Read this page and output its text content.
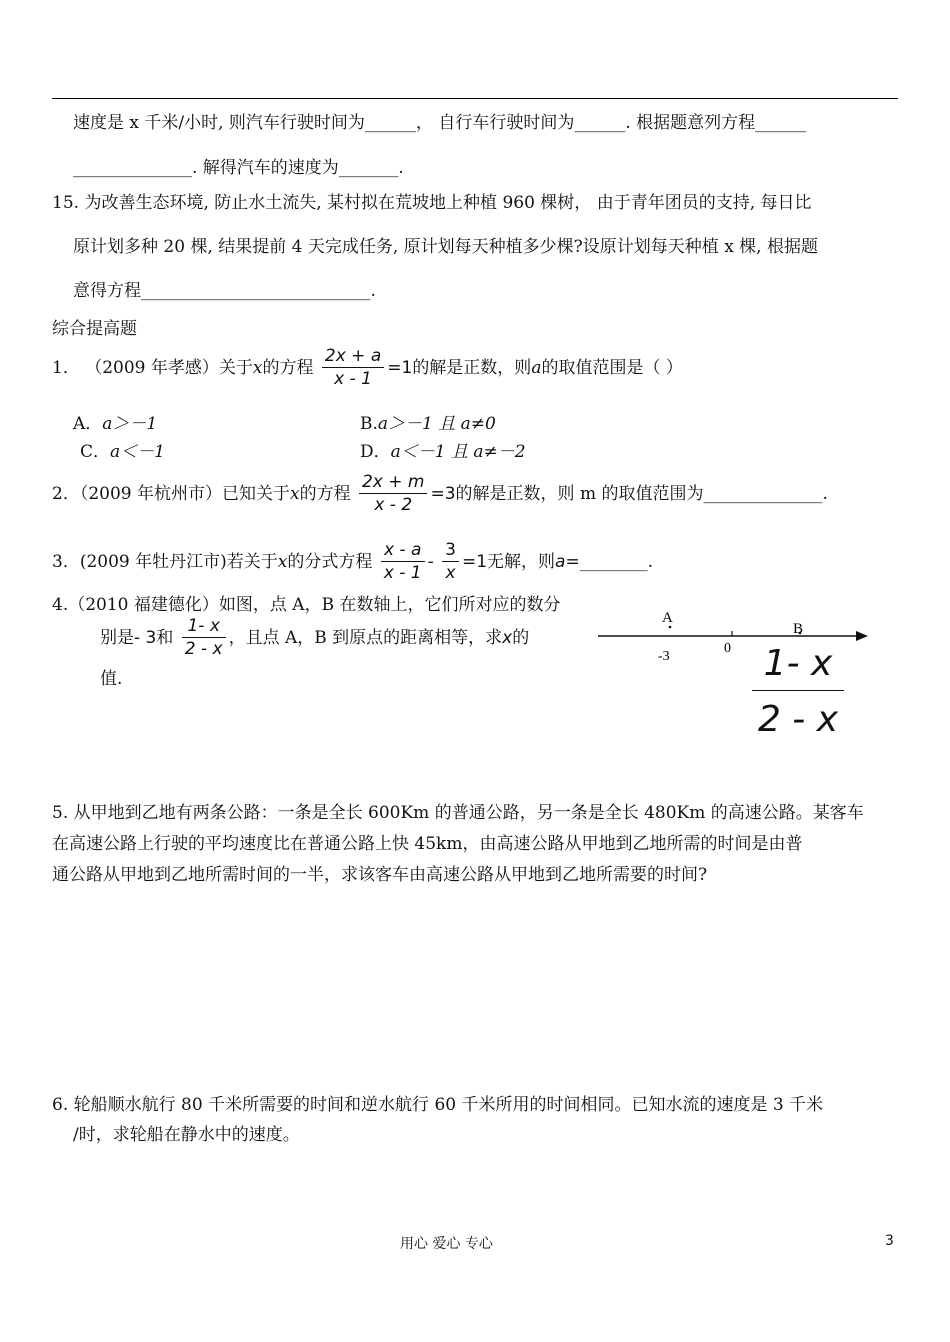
速度是 x 千米/小时, 则汽车行驶时间为______， 自行车行驶时间为______. 根据题意列方程______
______________. 解得汽车的速度为_______.
15. 为改善生态环境, 防止水土流失, 某村拟在荒坡地上种植 960 棵树， 由于青年团员的支持, 每日比
原计划多种 20 棵, 结果提前 4 天完成任务, 原计划每天种植多少棵?设原计划每天种植 x 棵, 根据题
意得方程___________________________.
综合提高题
1． （2009 年孝感）关于x的方程 $\frac{2x + a}{x - 1} =1$的解是正数，则a的取值范围是（ ）
A．a＞－1	B.a＞－1 且 a≠0
C．a＜－1	D．a＜－1 且 a≠－2
2．（2009 年杭州市）已知关于x的方程 $\frac{2x + m}{x - 2} =3$的解是正数，则 m 的取值范围为______________.
3．(2009 年牡丹江市)若关于x的分式方程 $\frac{x - a}{x - 1} - \frac{3}{x} =1$无解，则a=________.
4.（2010 福建德化）如图，点 A，B 在数轴上，它们所对应的数分
别是- 3和 $\frac{1- x}{2 - x}$ ，且点 A，B 到原点的距离相等，求x的
值.
A
B
-3
0 1- x
2 - x
5. 从甲地到乙地有两条公路：一条是全长 600Km 的普通公路，另一条是全长 480Km 的高速公路。某客车
在高速公路上行驶的平均速度比在普通公路上快 45km，由高速公路从甲地到乙地所需的时间是由普
通公路从甲地到乙地所需时间的一半，求该客车由高速公路从甲地到乙地所需要的时间?
6. 轮船顺水航行 80 千米所需要的时间和逆水航行 60 千米所用的时间相同。已知水流的速度是 3 千米
/时，求轮船在静水中的速度。
用心 爱心 专心	3
